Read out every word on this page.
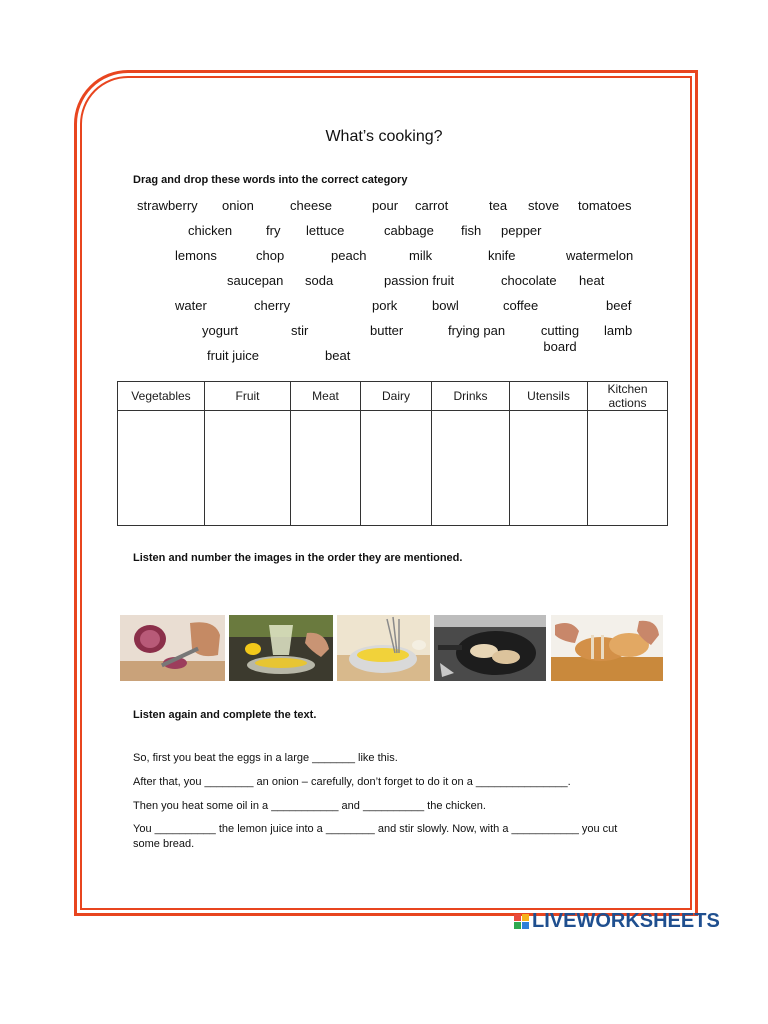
What’s cooking?
Drag and drop these words into the correct category
strawberry onion	cheese	pour carrot	tea stove tomatoes
chicken	fry lettuce	cabbage fish pepper
lemons	chop	peach	milk	knife	watermelon
saucepan soda	passion fruit	chocolate heat
water	cherry	pork	bowl	coffee	beef
yogurt	stir	butter	frying pan	cutting board
lamb
fruit juice	beat
Vegetables	Fruit	Meat	Dairy	Drinks	Utensils	Kitchen actions

Listen and number the images in the order they are mentioned.
Listen again and complete the text.
So, first you beat the eggs in a large _______ like this.
After that, you ________ an onion – carefully, don’t forget to do it on a _______________.
Then you heat some oil in a ___________ and __________ the chicken.
You __________ the lemon juice into a ________ and stir slowly. Now, with a ___________ you cut some bread.
LIVEWORKSHEETS
